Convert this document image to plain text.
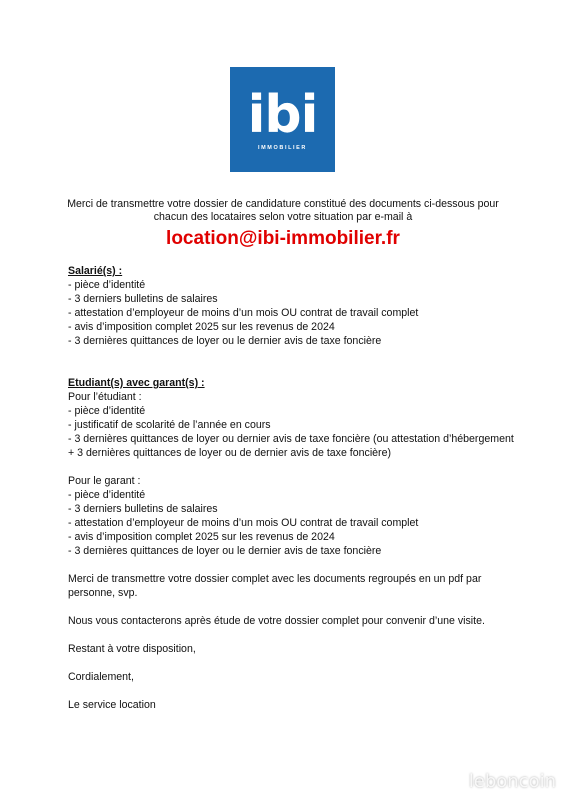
ibi
IMMOBILIER
Merci de transmettre votre dossier de candidature constitué des documents ci-dessous pour chacun des locataires selon votre situation par e-mail à
location@ibi-immobilier.fr
Salarié(s) :
- pièce d’identité
- 3 derniers bulletins de salaires
- attestation d’employeur de moins d’un mois OU contrat de travail complet
- avis d’imposition complet 2025 sur les revenus de 2024
- 3 dernières quittances de loyer ou le dernier avis de taxe foncière
Etudiant(s) avec garant(s) :
Pour l’étudiant :
- pièce d’identité
- justificatif de scolarité de l’année en cours
- 3 dernières quittances de loyer ou dernier avis de taxe foncière (ou attestation d’hébergement + 3 dernières quittances de loyer ou de dernier avis de taxe foncière)
Pour le garant :
- pièce d’identité
- 3 derniers bulletins de salaires
- attestation d’employeur de moins d’un mois OU contrat de travail complet
- avis d’imposition complet 2025 sur les revenus de 2024
- 3 dernières quittances de loyer ou le dernier avis de taxe foncière
Merci de transmettre votre dossier complet avec les documents regroupés en un pdf par personne, svp.
Nous vous contacterons après étude de votre dossier complet pour convenir d’une visite.
Restant à votre disposition,
Cordialement,
Le service location
leboncoin
